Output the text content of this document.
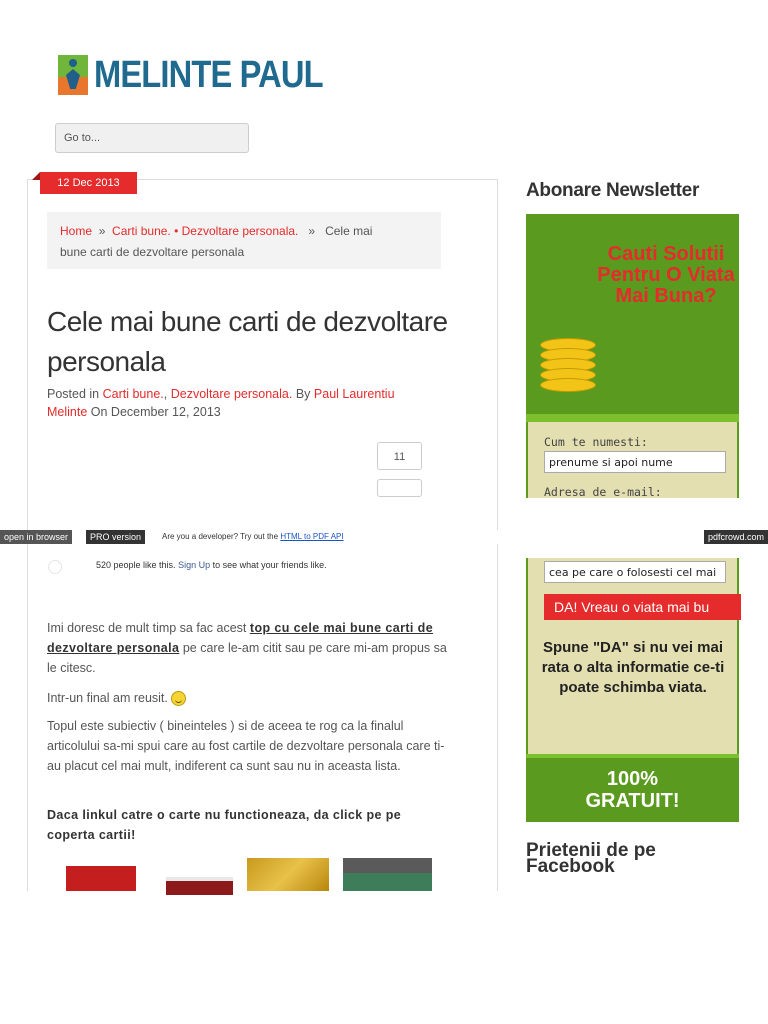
MELINTE PAUL
Go to...
12 Dec 2013
Home » Carti bune. • Dezvoltare personala. » Cele mai
bune carti de dezvoltare personala
Cele mai bune carti de dezvoltare
personala
Posted in Carti bune., Dezvoltare personala. By Paul Laurentiu
Melinte On December 12, 2013
11
open in browser	PRO version	Are you a developer? Try out the HTML to PDF API	pdfcrowd.com
520 people like this. Sign Up to see what your friends like.
Imi doresc de mult timp sa fac acest top cu cele mai bune carti de dezvoltare personala pe care le-am citit sau pe care mi-am propus sa le citesc.
Intr-un final am reusit.
Topul este subiectiv ( bineinteles ) si de aceea te rog ca la finalul articolului sa-mi spui care au fost cartile de dezvoltare personala care ti-au placut cel mai mult, indiferent ca sunt sau nu in aceasta lista.
Daca linkul catre o carte nu functioneaza, da click pe pe coperta cartii!
Abonare Newsletter
Cauti Solutii Pentru O Viata Mai Buna?
Cum te numesti:
prenume si apoi nume
Adresa de e-mail:
cea pe care o folosesti cel mai
DA! Vreau o viata mai bu
Spune "DA" si nu vei mai rata o alta informatie ce-ti poate schimba viata.
100%
GRATUIT!
Prietenii de pe
Facebook
